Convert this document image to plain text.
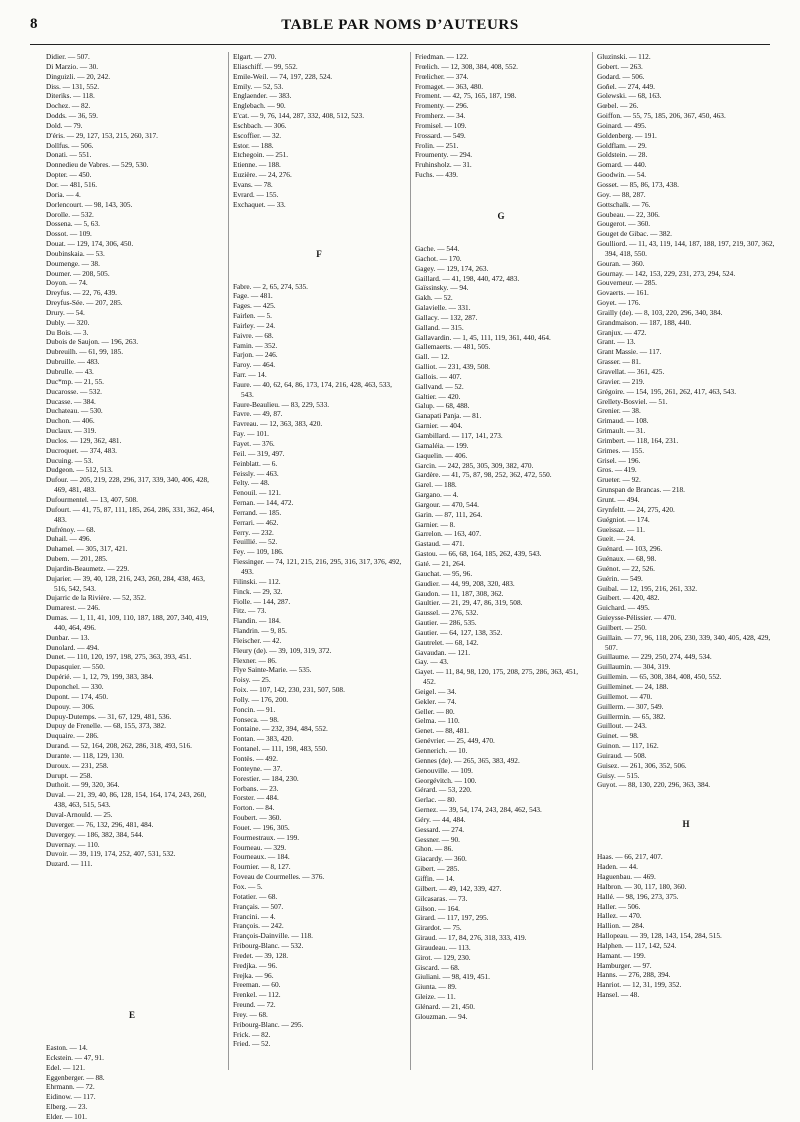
8	TABLE PAR NOMS D’AUTEURS
Didier. — 507.
Di Marzio. — 30.
Dinguizli. — 20, 242.
Diss. — 131, 552.
Diteriks. — 118.
Dochez. — 82.
Dodds. — 36, 59.
Dold. — 79.
D'éris. — 29, 127, 153, 215, 260, 317.
Dollfus. — 506.
Donati. — 551.
Donnedieu de Vabres. — 529, 530.
Dopter. — 450.
Dor. — 481, 516.
Doria. — 4.
Dorlencourt. — 98, 143, 305.
Dorolle. — 532.
Dossena. — 5, 63.
Dossot. — 109.
Douat. — 129, 174, 306, 450.
Doubinskaia. — 53.
Doumenge. — 38.
Doumer. — 208, 505.
Doyon. — 74.
Dreyfus. — 22, 76, 439.
Dreyfus-Sée. — 207, 285.
Drury. — 54.
Dubly. — 320.
Du Bois. — 3.
Dubois de Saujon. — 196, 263.
Dubreuilh. — 61, 99, 185.
Dubruille. — 483.
Dubrulle. — 43.
Duc*mp. — 21, 55.
Ducarosse. — 532.
Ducasse. — 384.
Duchateau. — 530.
Duchon. — 406.
Duclaux. — 319.
Duclos. — 129, 362, 481.
Ducroquet. — 374, 483.
Ducuing. — 53.
Dudgeon. — 512, 513.
Dufour. — 205, 219, 228, 296, 317, 339, 340, 406, 428, 469, 481, 483.
Dufourmentel. — 13, 407, 508.
Dufourt. — 41, 75, 87, 111, 185, 264, 286, 331, 362, 464, 483.
Dufrénoy. — 68.
Duhail. — 496.
Duhamel. — 305, 317, 421.
Dubem. — 201, 285.
Dujardin-Beaumetz. — 229.
Dujarier. — 39, 40, 128, 216, 243, 260, 284, 438, 463, 516, 542, 543.
Dujarric de la Rivière. — 52, 352.
Dumarest. — 246.
Dumas. — 1, 11, 41, 109, 110, 187, 188, 207, 340, 419, 440, 464, 496.
Dunbar. — 13.
Dunolard. — 494.
Dunet. — 110, 120, 197, 198, 275, 363, 393, 451.
Dupasquier. — 550.
Dupérié. — 1, 12, 79, 199, 383, 384.
Duponchel. — 330.
Dupont. — 174, 450.
Dupouy. — 306.
Dupuy-Dutemps. — 31, 67, 129, 481, 536.
Dupuy de Frenelle. — 68, 155, 373, 382.
Duquaire. — 286.
Durand. — 52, 164, 208, 262, 286, 318, 493, 516.
Durante. — 118, 129, 130.
Duroux. — 231, 258.
Durupt. — 258.
Duthoit. — 99, 320, 364.
Duval. — 21, 39, 40, 86, 128, 154, 164, 174, 243, 260, 438, 463, 515, 543.
Duval-Arnould. — 25.
Duverger. — 76, 132, 296, 481, 484.
Duvergey. — 186, 382, 384, 544.
Duvernay. — 110.
Duvoir. — 39, 119, 174, 252, 407, 531, 532.
Duzard. — 111.
E
Easton. — 14.
Eckstein. — 47, 91.
Edel. — 121.
Eggenberger. — 88.
Ehrmann. — 72.
Eidinow. — 117.
Elberg. — 23.
Elder. — 101.
Elgart. — 270.
Eliaschiff. — 99, 552.
Emile-Weil. — 74, 197, 228, 524.
Emily. — 52, 53.
Englaender. — 383.
Englebach. — 90.
E'cat. — 9, 76, 144, 287, 332, 408, 512, 523.
Eschbach. — 306.
Escoffier. — 32.
Estor. — 188.
Etchegoin. — 251.
Etienne. — 188.
Euzière. — 24, 276.
Evans. — 78.
Evrard. — 155.
Exchaquet. — 33.
F
Fabre. — 2, 65, 274, 535.
Fage. — 481.
Fages. — 425.
Fairlen. — 5.
Fairley. — 24.
Faivre. — 68.
Famin. — 352.
Farjon. — 246.
Faroy. — 464.
Farr. — 14.
Faure. — 40, 62, 64, 86, 173, 174, 216, 428, 463, 533, 543.
Faure-Beaulieu. — 83, 229, 533.
Favre. — 49, 87.
Favreau. — 12, 363, 383, 420.
Fay. — 101.
Fayet. — 376.
Feil. — 319, 497.
Feinblatt. — 6.
Feissly. — 463.
Felty. — 48.
Fenouil. — 121.
Fernan. — 144, 472.
Ferrand. — 185.
Ferrari. — 462.
Ferry. — 232.
Feuillié. — 52.
Fey. — 109, 186.
Fiessinger. — 74, 121, 215, 216, 295, 316, 317, 376, 492, 493.
Filinski. — 112.
Finck. — 29, 32.
Fiolle. — 144, 287.
Fitz. — 73.
Flandin. — 184.
Flandrin. — 9, 85.
Fleischer. — 42.
Fleury (de). — 39, 109, 319, 372.
Flexner. — 86.
Flye Sainte-Marie. — 535.
Foisy. — 25.
Foix. — 107, 142, 230, 231, 507, 508.
Folly. — 176, 200.
Foncin. — 91.
Fonseca. — 98.
Fontaine. — 232, 394, 484, 552.
Fontan. — 383, 420.
Fontanel. — 111, 198, 483, 550.
Fontès. — 492.
Fonteyne. — 37.
Forestier. — 184, 230.
Forbans. — 23.
Forster. — 484.
Forton. — 84.
Foubert. — 360.
Fouet. — 196, 305.
Fourmestraux. — 199.
Fourneau. — 329.
Fourneaux. — 184.
Fournier. — 8, 127.
Foveau de Courmelles. — 376.
Fox. — 5.
Fotatier. — 68.
Français. — 507.
Francini. — 4.
François. — 242.
François-Dainville. — 118.
Fribourg-Blanc. — 532.
Fredet. — 39, 128.
Fredjka. — 96.
Frejka. — 96.
Freeman. — 60.
Frenkel. — 112.
Freund. — 72.
Frey. — 68.
Fribourg-Blanc. — 295.
Frick. — 82.
Fried. — 52.
Friedman. — 122.
Frœlich. — 12, 308, 384, 408, 552.
Frœlicher. — 374.
Fromaget. — 363, 480.
Froment. — 42, 75, 165, 187, 198.
Fromenty. — 296.
Fromherz. — 34.
Fromisel. — 109.
Frossard. — 549.
Frolin. — 251.
Froumenty. — 294.
Fruhinsholz. — 31.
Fuchs. — 439.
G
Gache. — 544.
Gachot. — 170.
Gagey. — 129, 174, 263.
Gaillard. — 41, 198, 440, 472, 483.
Gaïssinsky. — 94.
Gakh. — 52.
Galavielle. — 331.
Gallacy. — 132, 287.
Galland. — 315.
Gallavardin. — 1, 45, 111, 119, 361, 440, 464.
Gallemaerts. — 481, 505.
Gall. — 12.
Galliot. — 231, 439, 508.
Gallois. — 407.
Gallvand. — 52.
Galtier. — 420.
Galup. — 68, 488.
Ganapati Panja. — 81.
Garnier. — 404.
Gambillard. — 117, 141, 273.
Gamaléia. — 199.
Gaquelin. — 406.
Garcin. — 242, 285, 305, 309, 382, 470.
Gardère. — 41, 75, 87, 98, 252, 362, 472, 550.
Garel. — 188.
Gargano. — 4.
Gargour. — 470, 544.
Garin. — 87, 111, 264.
Garnier. — 8.
Garrelon. — 163, 407.
Gastaud. — 471.
Gastou. — 66, 68, 164, 185, 262, 439, 543.
Gaté. — 21, 264.
Gauchat. — 95, 96.
Gaudier. — 44, 99, 208, 320, 483.
Gaudon. — 11, 187, 308, 362.
Gaultier. — 21, 29, 47, 86, 319, 508.
Gaussel. — 276, 532.
Gautier. — 286, 535.
Gautier. — 64, 127, 138, 352.
Gautrelet. — 68, 142.
Gavaudan. — 121.
Gay. — 43.
Gayet. — 11, 84, 98, 120, 175, 208, 275, 286, 363, 451, 452.
Geigel. — 34.
Gekler. — 74.
Geller. — 80.
Gelma. — 110.
Genet. — 88, 481.
Genévrier. — 25, 449, 470.
Gennerich. — 10.
Gennes (de). — 265, 365, 383, 492.
Genouville. — 109.
Georgévitch. — 100.
Gérard. — 53, 220.
Gerlac. — 80.
Gernez. — 39, 54, 174, 243, 284, 462, 543.
Géry. — 44, 484.
Gessard. — 274.
Gessner. — 90.
Ghon. — 86.
Giacardy. — 360.
Gibert. — 285.
Giffin. — 14.
Gilbert. — 49, 142, 339, 427.
Gilcasaras. — 73.
Gilson. — 164.
Girard. — 117, 197, 295.
Girardot. — 75.
Giraud. — 17, 84, 276, 318, 333, 419.
Giraudeau. — 113.
Girot. — 129, 230.
Giscard. — 68.
Giuliani. — 98, 419, 451.
Giunta. — 89.
Gleize. — 11.
Glénard. — 21, 450.
Glouzman. — 94.
Gluzinski. — 112.
Gobert. — 263.
Godard. — 506.
Goñel. — 274, 449.
Golewski. — 68, 163.
Gœbel. — 26.
Goiffon. — 55, 75, 185, 206, 367, 450, 463.
Goinard. — 495.
Goldenberg. — 191.
Goldflam. — 29.
Goldstein. — 28.
Gomard. — 440.
Goodwin. — 54.
Gosset. — 85, 86, 173, 438.
Goy. — 88, 287.
Gottschalk. — 76.
Goubeau. — 22, 306.
Gougerot. — 360.
Gouget de Gibac. — 382.
Goulliord. — 11, 43, 119, 144, 187, 188, 197, 219, 307, 362, 394, 418, 550.
Gouran. — 360.
Gournay. — 142, 153, 229, 231, 273, 294, 524.
Gouverneur. — 285.
Govaerts. — 161.
Goyet. — 176.
Grailly (de). — 8, 103, 220, 296, 340, 384.
Grandmaison. — 187, 188, 440.
Granjux. — 472.
Grant. — 13.
Grant Massie. — 117.
Grasser. — 81.
Gravellat. — 361, 425.
Gravier. — 219.
Grégoire. — 154, 195, 261, 262, 417, 463, 543.
Grellety-Bosviel. — 51.
Grenier. — 38.
Grimaud. — 108.
Grimault. — 31.
Grimbert. — 118, 164, 231.
Grimes. — 155.
Grisel. — 196.
Gros. — 419.
Grueter. — 92.
Grunspan de Brancas. — 218.
Grunt. — 494.
Grynfeltt. — 24, 275, 420.
Guégniot. — 174.
Gueissaz. — 11.
Gueit. — 24.
Guénard. — 103, 296.
Guénaux. — 68, 98.
Guénot. — 22, 526.
Guérin. — 549.
Guibal. — 12, 195, 216, 261, 332.
Guibert. — 420, 482.
Guichard. — 495.
Guieysse-Pélissier. — 470.
Guilbert. — 250.
Guillain. — 77, 96, 118, 206, 230, 339, 340, 405, 428, 429, 507.
Guillaume. — 229, 250, 274, 449, 534.
Guillaumin. — 304, 319.
Guillemin. — 65, 308, 384, 408, 450, 552.
Guilleminet. — 24, 188.
Guillemot. — 470.
Guillerm. — 307, 549.
Guillermin. — 65, 382.
Guillout. — 243.
Guinet. — 98.
Guinon. — 117, 162.
Guiraud. — 508.
Guisez. — 261, 306, 352, 506.
Guisy. — 515.
Guyot. — 88, 130, 220, 296, 363, 384.
H
Haas. — 66, 217, 407.
Haden. — 44.
Haguenbau. — 469.
Halbron. — 30, 117, 180, 360.
Hallé. — 98, 196, 273, 375.
Haller. — 506.
Hallez. — 470.
Hallion. — 284.
Hallopeau. — 39, 128, 143, 154, 284, 515.
Halphen. — 117, 142, 524.
Hamant. — 199.
Hamburger. — 97.
Hanns. — 276, 288, 394.
Hanriot. — 12, 31, 199, 352.
Hansel. — 48.
